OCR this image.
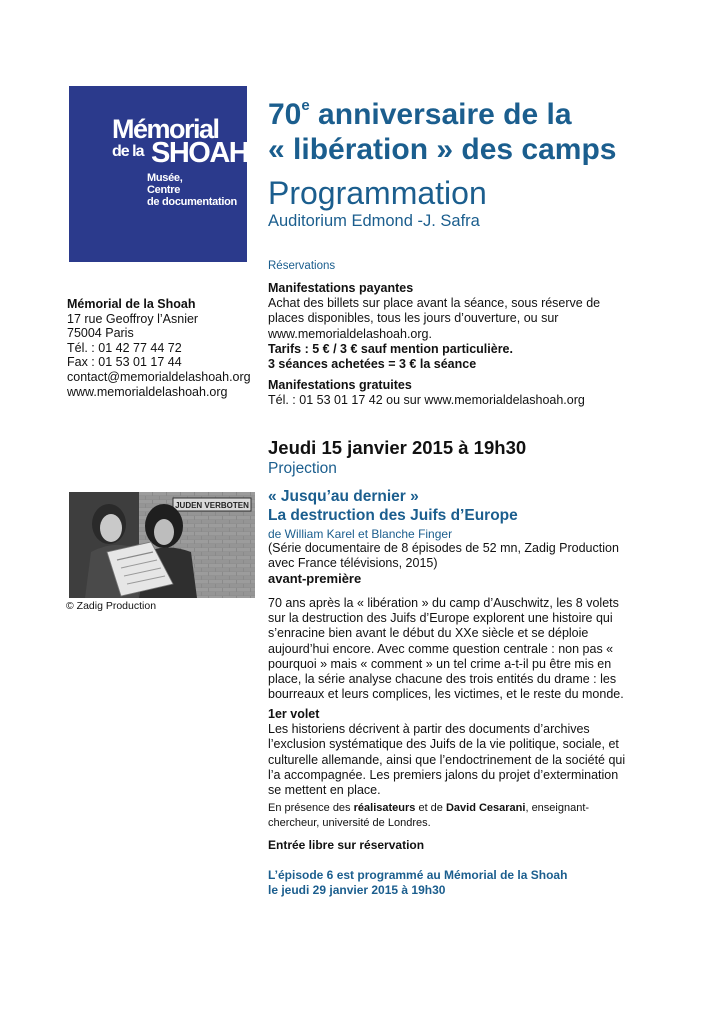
Mémorial
de la SHOAH
Musée,
Centre
de documentation
70e anniversaire de la
« libération » des camps
Programmation
Auditorium Edmond -J. Safra
Mémorial de la Shoah
17 rue Geoffroy l’Asnier
75004 Paris
Tél. : 01 42 77 44 72
Fax : 01 53 01 17 44
contact@memorialdelashoah.org
www.memorialdelashoah.org
Réservations
Manifestations payantes
Achat des billets sur place avant la séance, sous réserve de
places disponibles, tous les jours d’ouverture, ou sur
www.memorialdelashoah.org.
Tarifs : 5 € / 3 € sauf mention particulière.
3 séances achetées = 3 € la séance
Manifestations gratuites
Tél. : 01 53 01 17 42 ou sur www.memorialdelashoah.org
Jeudi 15 janvier 2015 à 19h30
Projection
« Jusqu’au dernier »
La destruction des Juifs d’Europe
de William Karel et Blanche Finger
(Série documentaire de 8 épisodes de 52 mn, Zadig Production
avec France télévisions, 2015)
avant-première
JUDEN VERBOTEN
© Zadig Production	70 ans après la « libération » du camp d’Auschwitz, les 8 volets
sur la destruction des Juifs d’Europe explorent une histoire qui
s’enracine bien avant le début du XXe siècle et se déploie
aujourd’hui encore. Avec comme question centrale : non pas «
pourquoi » mais « comment » un tel crime a-t-il pu être mis en
place, la série analyse chacune des trois entités du drame : les
bourreaux et leurs complices, les victimes, et le reste du monde.
1er volet
Les historiens décrivent à partir des documents d’archives
l’exclusion systématique des Juifs de la vie politique, sociale, et
culturelle allemande, ainsi que l’endoctrinement de la société qui
l’a accompagnée. Les premiers jalons du projet d’extermination
se mettent en place.
En présence des réalisateurs et de David Cesarani, enseignant-
chercheur, université de Londres.
Entrée libre sur réservation
L’épisode 6 est programmé au Mémorial de la Shoah
le jeudi 29 janvier 2015 à 19h30
